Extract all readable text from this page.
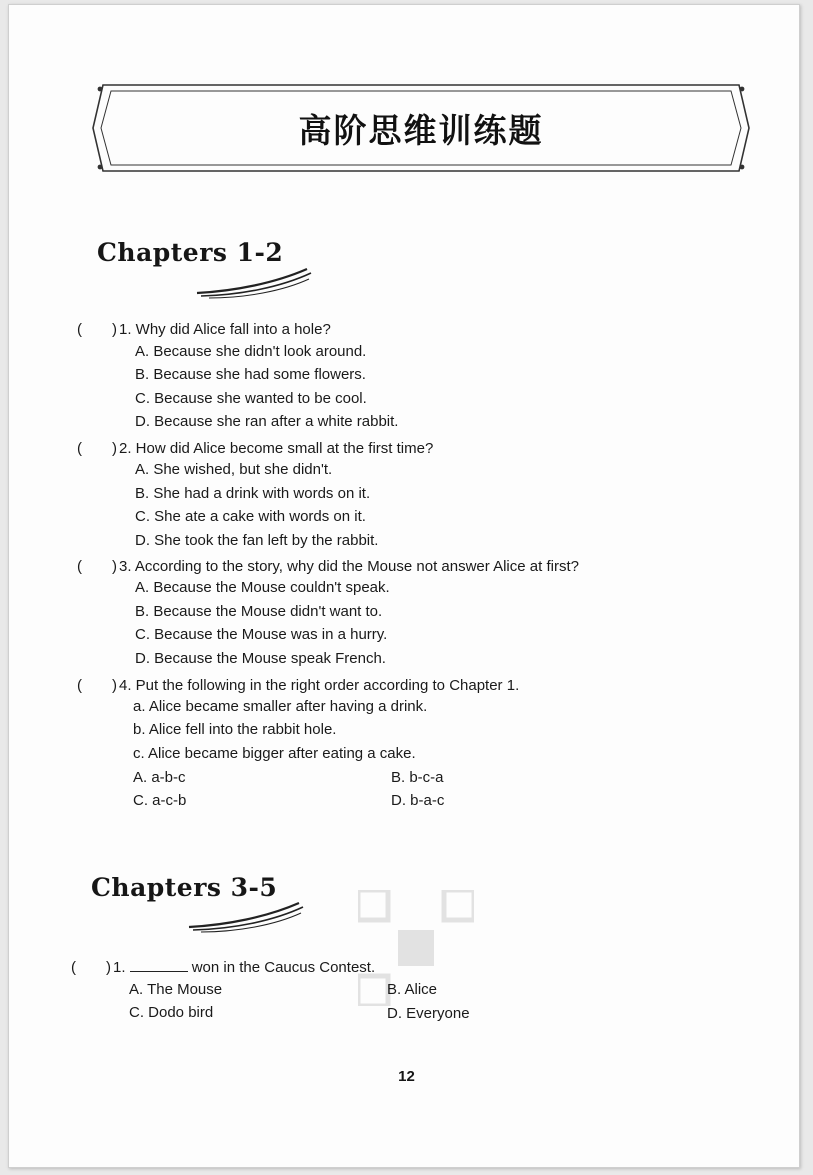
高阶思维训练题
Chapters 1-2
(　　) 1. Why did Alice fall into a hole?
A. Because she didn't look around.
B. Because she had some flowers.
C. Because she wanted to be cool.
D. Because she ran after a white rabbit.
(　　) 2. How did Alice become small at the first time?
A. She wished, but she didn't.
B. She had a drink with words on it.
C. She ate a cake with words on it.
D. She took the fan left by the rabbit.
(　　) 3. According to the story, why did the Mouse not answer Alice at first?
A. Because the Mouse couldn't speak.
B. Because the Mouse didn't want to.
C. Because the Mouse was in a hurry.
D. Because the Mouse speak French.
(　　) 4. Put the following in the right order according to Chapter 1.
a. Alice became smaller after having a drink.
b. Alice fell into the rabbit hole.
c. Alice became bigger after eating a cake.
A. a-b-c	B. b-c-a
C. a-c-b	D. b-a-c
Chapters 3-5
(　　) 1.	won in the Caucus Contest.
A. The Mouse	B. Alice
C. Dodo bird	D. Everyone
12
